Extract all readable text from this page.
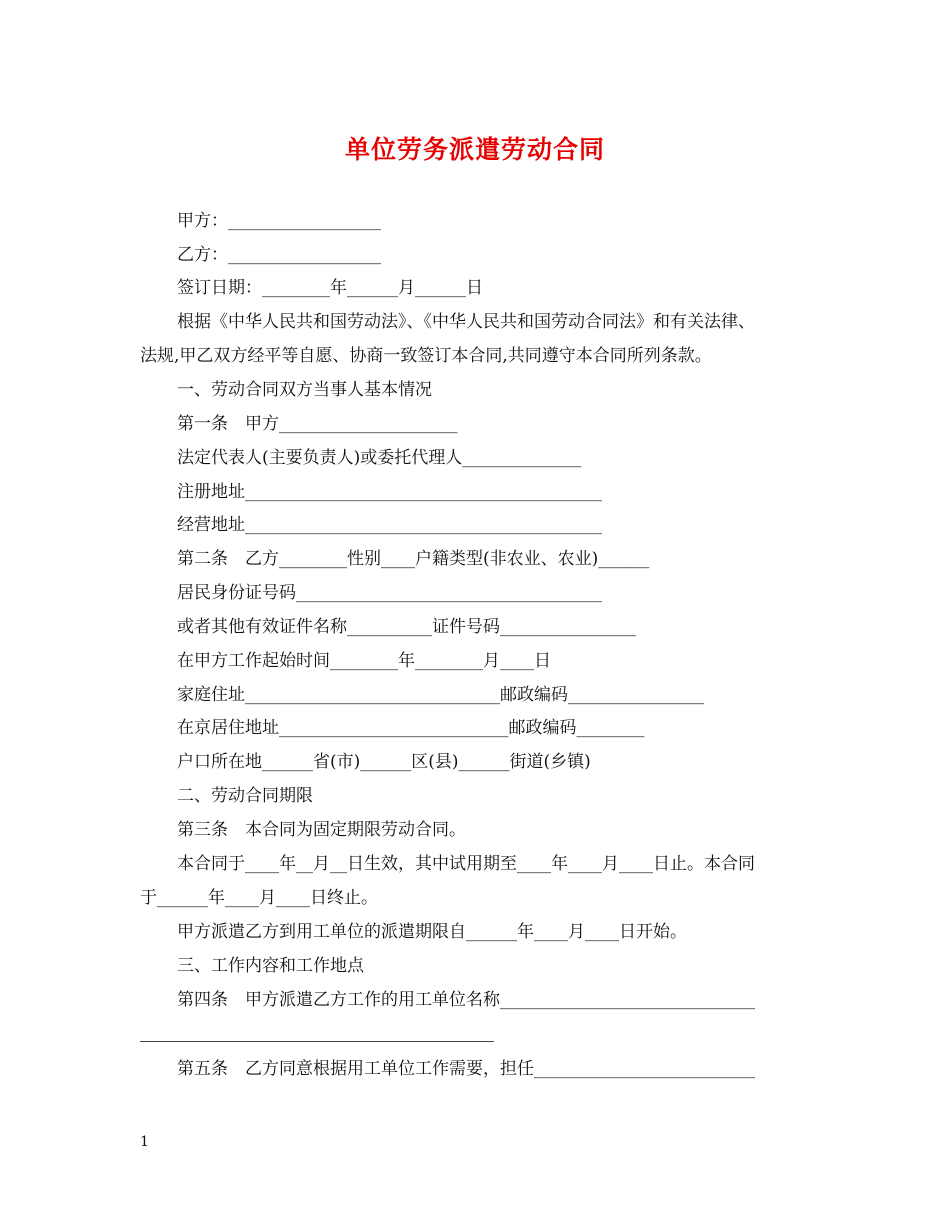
单位劳务派遣劳动合同
甲方：__________________
乙方：__________________
签订日期：________年______月______日
根据《中华人民共和国劳动法》、《中华人民共和国劳动合同法》和有关法律、
法规,甲乙双方经平等自愿、协商一致签订本合同,共同遵守本合同所列条款。
一、劳动合同双方当事人基本情况
第一条　甲方_____________________
法定代表人(主要负责人)或委托代理人______________
注册地址__________________________________________
经营地址__________________________________________
第二条　乙方________性别____户籍类型(非农业、农业)______
居民身份证号码____________________________________
或者其他有效证件名称__________证件号码________________
在甲方工作起始时间________年________月____日
家庭住址______________________________邮政编码________________
在京居住地址___________________________邮政编码________
户口所在地______省(市)______区(县)______街道(乡镇)
二、劳动合同期限
第三条　本合同为固定期限劳动合同。
本合同于____年__月__日生效，其中试用期至____年____月____日止。本合同
于______年____月____日终止。
甲方派遣乙方到用工单位的派遣期限自______年____月____日开始。
三、工作内容和工作地点
第四条　甲方派遣乙方工作的用工单位名称______________________________
第五条　乙方同意根据用工单位工作需要，担任__________________________
1
